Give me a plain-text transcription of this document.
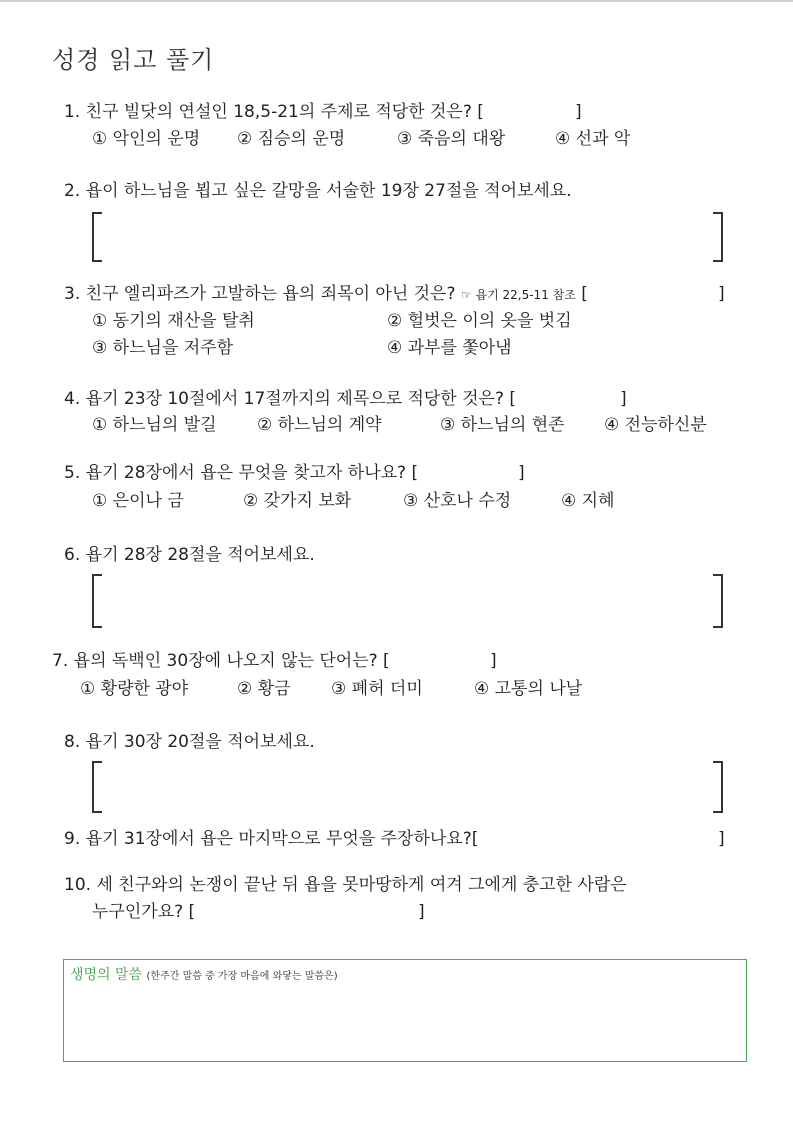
성경 읽고 풀기
1. 친구 빌닷의 연설인 18,5-21의 주제로 적당한 것은? [	]
① 악인의 운명 ② 짐승의 운명	③ 죽음의 대왕	④ 선과 악
2. 욥이 하느님을 뵙고 싶은 갈망을 서술한 19장 27절을 적어보세요.
3. 친구 엘리파즈가 고발하는 욥의 죄목이 아닌 것은? ☞ 욥기 22,5-11 참조 [	]
① 동기의 재산을 탈취	② 헐벗은 이의 옷을 벗김
③ 하느님을 저주함	④ 과부를 쫓아냄
4. 욥기 23장 10절에서 17절까지의 제목으로 적당한 것은? [	]
① 하느님의 발길 ② 하느님의 계약	③ 하느님의 현존 ④ 전능하신분
5. 욥기 28장에서 욥은 무엇을 찾고자 하나요? [	]
① 은이나 금	② 갖가지 보화	③ 산호나 수정	④ 지혜
6. 욥기 28장 28절을 적어보세요.
7. 욥의 독백인 30장에 나오지 않는 단어는? [	]
① 황량한 광야	② 황금 ③ 폐허 더미	④ 고통의 나날
8. 욥기 30장 20절을 적어보세요.
9. 욥기 31장에서 욥은 마지막으로 무엇을 주장하나요?[	]
10. 세 친구와의 논쟁이 끝난 뒤 욥을 못마땅하게 여겨 그에게 충고한 사람은
누구인가요? [	]
생명의 말씀 (한주간 말씀 중 가장 마음에 와닿는 말씀은)
